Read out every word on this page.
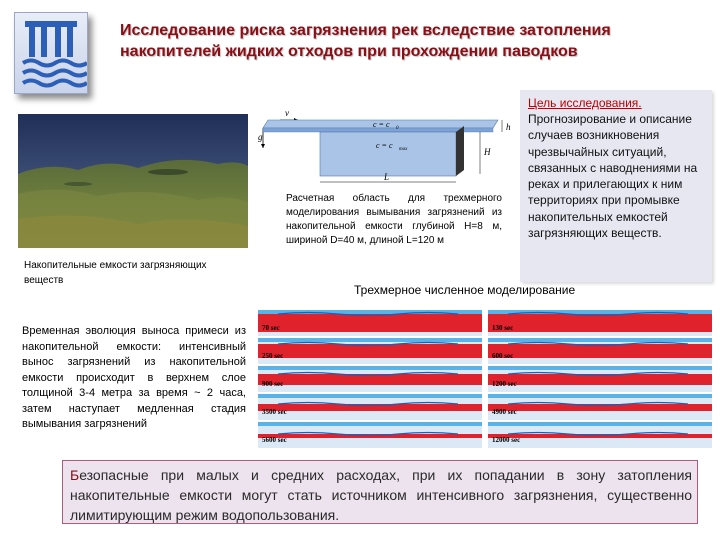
Исследование риска загрязнения рек вследствие затопления накопителей жидких отходов при прохождении паводков
Накопительные емкости загрязняющих веществ
v
g
c = c 0
c = c max
h
H
L
Расчетная область для трехмерного моделирования вымывания загрязнений из накопительной емкости глубиной H=8 м, шириной D=40 м, длиной L=120 м
Цель исследования.
Прогнозирование и описание случаев возникновения чрезвычайных ситуаций, связанных с наводнениями на реках и прилегающих к ним территориях при промывке накопительных емкостей загрязняющих веществ.
Трехмерное численное моделирование
Временная эволюция выноса примеси из накопительной емкости: интенсивный вынос загрязнений из накопительной емкости происходит в верхнем слое толщиной 3-4 метра за время ~ 2 часа, затем наступает медленная стадия вымывания загрязнений
70 sec	130 sec
250 sec	600 sec
900 sec	1200 sec
3500 sec	4900 sec
5600 sec	12000 sec
Безопасные при малых и средних расходах, при их попадании в зону затопления накопительные емкости могут стать источником интенсивного загрязнения, существенно лимитирующим режим водопользования.
